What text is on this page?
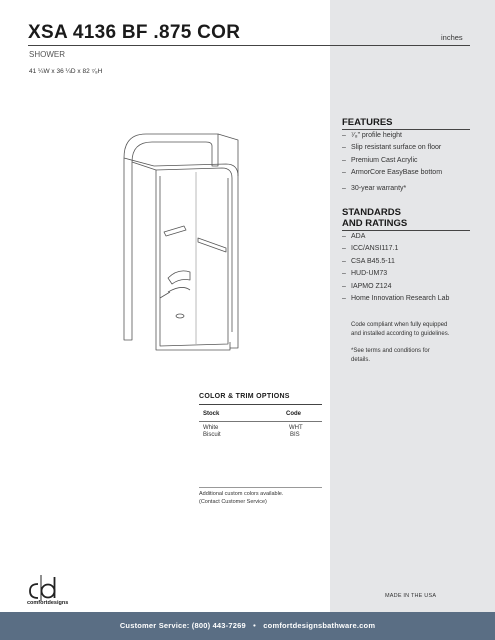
XSA 4136 BF .875 COR	inches
SHOWER
41 ¼W x 36 ¼D x 82 ⁷⁄₈H
FEATURES
– ⁷⁄₈” profile height
– Slip resistant surface on floor
– Premium Cast Acrylic
– ArmorCore EasyBase bottom
– 30-year warranty*
STANDARDS
AND RATINGS
– ADA
– ICC/ANSI117.1
– CSA B45.5-11
– HUD-UM73
– IAPMO Z124
– Home Innovation Research Lab
Code compliant when fully equipped
and installed according to guidelines.
*See terms and conditions for
details.
COLOR & TRIM OPTIONS
Stock	Code
White	WHT
Biscuit	BIS
Additional custom colors available.
(Contact Customer Service)
comfortdesigns
MADE IN THE USA
Customer Service: (800) 443-7269 • comfortdesignsbathware.com
